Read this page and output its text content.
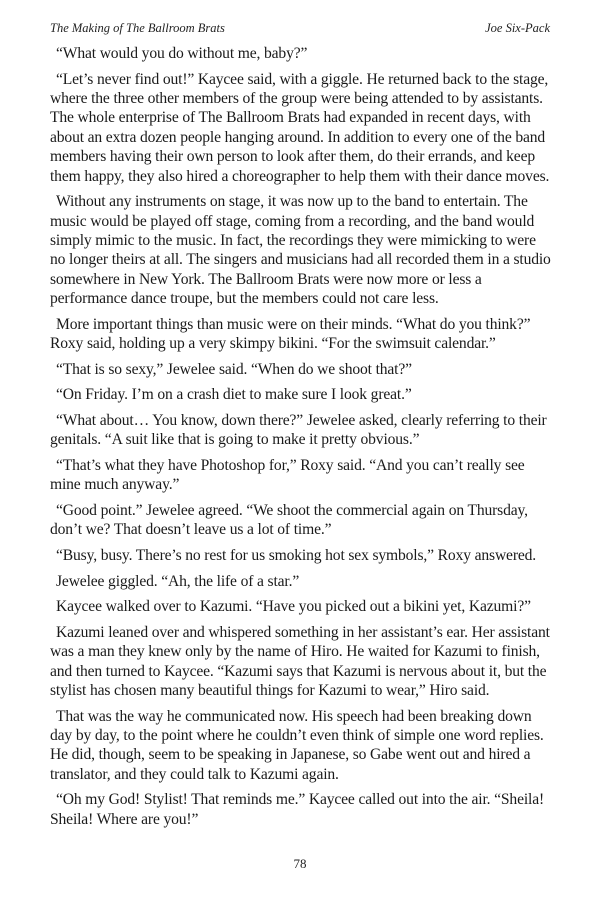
The Making of The Ballroom Brats	Joe Six-Pack

“What would you do without me, baby?”

“Let’s never find out!” Kaycee said, with a giggle. He returned back to the stage, where the three other members of the group were being attended to by assistants. The whole enterprise of The Ballroom Brats had expanded in recent days, with about an extra dozen people hanging around. In addition to every one of the band members having their own person to look after them, do their errands, and keep them happy, they also hired a choreographer to help them with their dance moves.

Without any instruments on stage, it was now up to the band to entertain. The music would be played off stage, coming from a recording, and the band would simply mimic to the music. In fact, the recordings they were mimicking to were no longer theirs at all. The singers and musicians had all recorded them in a studio somewhere in New York. The Ballroom Brats were now more or less a performance dance troupe, but the members could not care less.

More important things than music were on their minds. “What do you think?” Roxy said, holding up a very skimpy bikini. “For the swimsuit calendar.”

“That is so sexy,” Jewelee said. “When do we shoot that?”

“On Friday. I’m on a crash diet to make sure I look great.”

“What about… You know, down there?” Jewelee asked, clearly referring to their genitals. “A suit like that is going to make it pretty obvious.”

“That’s what they have Photoshop for,” Roxy said. “And you can’t really see mine much anyway.”

“Good point.” Jewelee agreed. “We shoot the commercial again on Thursday, don’t we? That doesn’t leave us a lot of time.”

“Busy, busy. There’s no rest for us smoking hot sex symbols,” Roxy answered.

Jewelee giggled. “Ah, the life of a star.”

Kaycee walked over to Kazumi. “Have you picked out a bikini yet, Kazumi?”

Kazumi leaned over and whispered something in her assistant’s ear. Her assistant was a man they knew only by the name of Hiro. He waited for Kazumi to finish, and then turned to Kaycee. “Kazumi says that Kazumi is nervous about it, but the stylist has chosen many beautiful things for Kazumi to wear,” Hiro said.

That was the way he communicated now. His speech had been breaking down day by day, to the point where he couldn’t even think of simple one word replies. He did, though, seem to be speaking in Japanese, so Gabe went out and hired a translator, and they could talk to Kazumi again.

“Oh my God! Stylist! That reminds me.” Kaycee called out into the air. “Sheila! Sheila! Where are you!”

78
